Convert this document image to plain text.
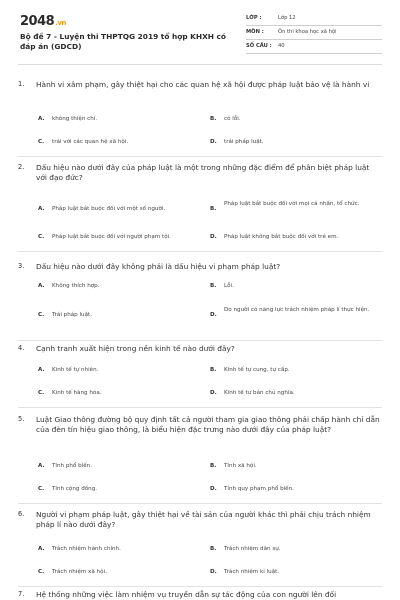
2048.vn
Bộ đề 7 - Luyện thi THPTQG 2019 tổ hợp KHXH có đáp án (GDCD)
LỚP :	Lớp 12
MÔN :	Ôn thi khoa học xã hội
SỐ CÂU : 40
1. Hành vi xâm phạm, gây thiệt hại cho các quan hệ xã hội được pháp luật bảo vệ là hành vi
A. không thiện chí.	B. có lỗi.
C. trái với các quan hệ xã hội.	D. trái pháp luật.
2. Dấu hiệu nào dưới đây của pháp luật là một trong những đặc điểm để phân biệt pháp luật với đạo đức?
A. Pháp luật bắt buộc đối với một số người.	B.
Pháp luật bắt buộc đối với mọi cá nhân, tổ chức.
C. Pháp luật bắt buộc đối với người phạm tội.	D. Pháp luật không bắt buộc đối với trẻ em.
3. Dấu hiệu nào dưới đây không phải là dấu hiệu vi phạm pháp luật?
A. Không thích hợp.	B. Lỗi.
C. Trái pháp luật.	D.
Do người có năng lực trách nhiệm pháp lí thực hiện.
4. Cạnh tranh xuất hiện trong nền kinh tế nào dưới đây?
A. Kinh tế tự nhiên.	B. Kinh tế tự cung, tự cấp.
C. Kinh tế hàng hóa.	D. Kinh tế tư bản chủ nghĩa.
5. Luật Giao thông đường bộ quy định tất cả người tham gia giao thông phải chấp hành chỉ dẫn của đèn tín hiệu giao thông, là biểu hiện đặc trưng nào dưới đây của pháp luật?
A. Tính phổ biến.	B. Tính xã hội.
C. Tính cộng đồng.	D. Tính quy phạm phổ biến.
6. Người vi phạm pháp luật, gây thiệt hại về tài sản của người khác thì phải chịu trách nhiệm pháp lí nào dưới đây?
A. Trách nhiệm hành chính.	B. Trách nhiệm dân sự.
C. Trách nhiệm xã hội.	D. Trách nhiệm kỉ luật.
7. Hệ thống những việc làm nhiệm vụ truyền dẫn sự tác động của con người lên đối
